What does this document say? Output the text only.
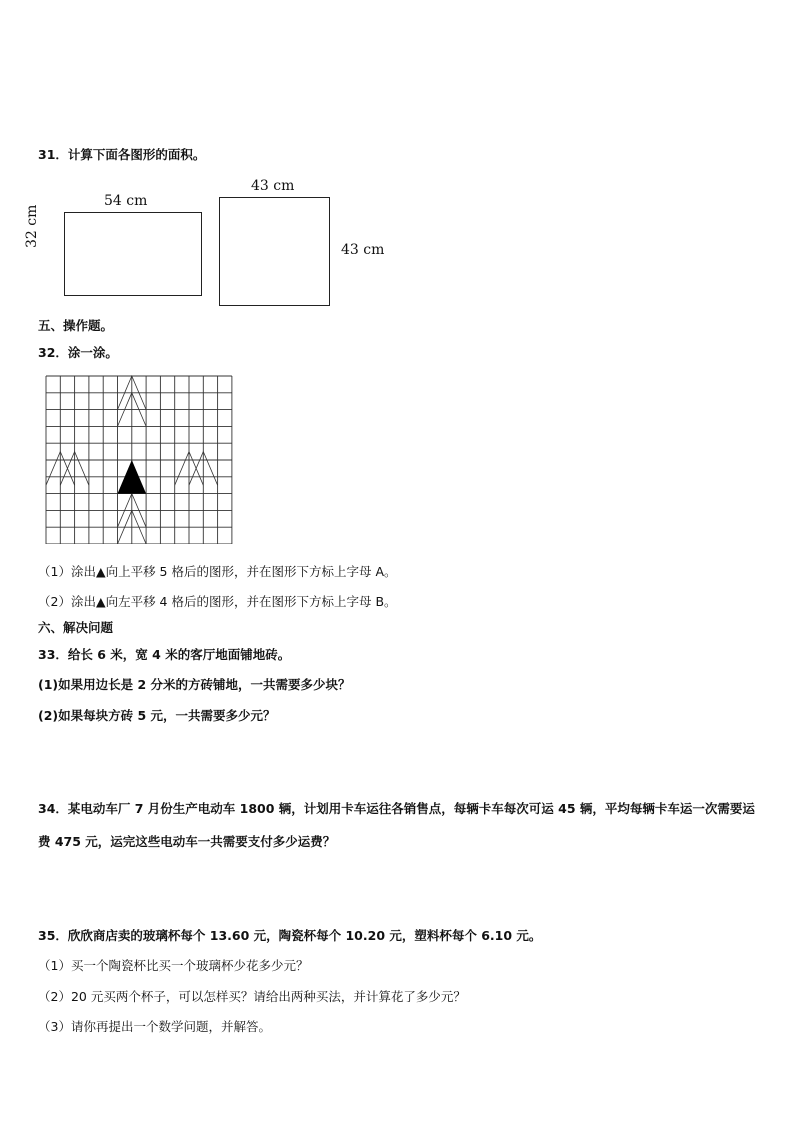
31．计算下面各图形的面积。
54 cm
32 cm
43 cm
43 cm
五、操作题。
32．涂一涂。
（1）涂出▲向上平移 5 格后的图形，并在图形下方标上字母 A。
（2）涂出▲向左平移 4 格后的图形，并在图形下方标上字母 B。
六、解决问题
33．给长 6 米，宽 4 米的客厅地面铺地砖。
(1)如果用边长是 2 分米的方砖铺地，一共需要多少块？
(2)如果每块方砖 5 元，一共需要多少元？
34．某电动车厂 7 月份生产电动车 1800 辆，计划用卡车运往各销售点，每辆卡车每次可运 45 辆，平均每辆卡车运一次需要运费 475 元，运完这些电动车一共需要支付多少运费？
35．欣欣商店卖的玻璃杯每个 13.60 元，陶瓷杯每个 10.20 元，塑料杯每个 6.10 元。
（1）买一个陶瓷杯比买一个玻璃杯少花多少元？
（2）20 元买两个杯子，可以怎样买？请给出两种买法，并计算花了多少元？
（3）请你再提出一个数学问题，并解答。
